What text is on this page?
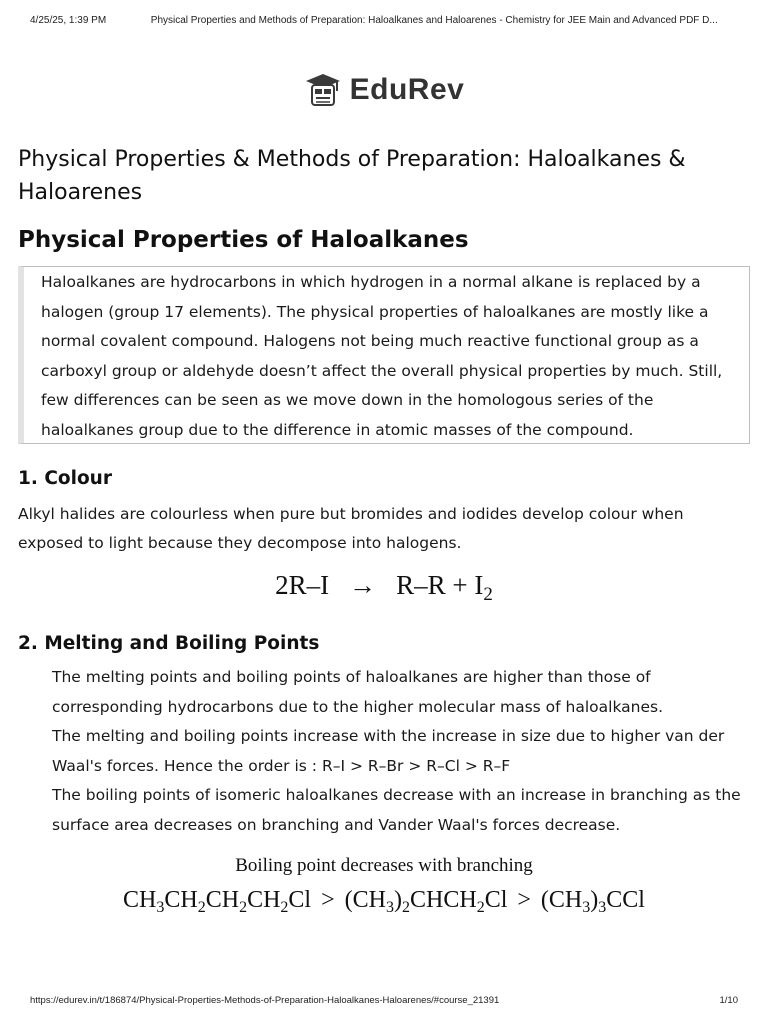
4/25/25, 1:39 PM	Physical Properties and Methods of Preparation: Haloalkanes and Haloarenes - Chemistry for JEE Main and Advanced PDF D...
EduRev
Physical Properties & Methods of Preparation: Haloalkanes & Haloarenes
Physical Properties of Haloalkanes

Haloalkanes are hydrocarbons in which hydrogen in a normal alkane is replaced by a halogen (group 17 elements). The physical properties of haloalkanes are mostly like a normal covalent compound. Halogens not being much reactive functional group as a carboxyl group or aldehyde doesn’t affect the overall physical properties by much. Still, few differences can be seen as we move down in the homologous series of the haloalkanes group due to the difference in atomic masses of the compound.

1. Colour

Alkyl halides are colourless when pure but bromides and iodides develop colour when exposed to light because they decompose into halogens.

$2R-I \to R-R + I_2$
2. Melting and Boiling Points
The melting points and boiling points of haloalkanes are higher than those of corresponding hydrocarbons due to the higher molecular mass of haloalkanes.
The melting and boiling points increase with the increase in size due to higher van der Waal's forces. Hence the order is : R–I > R–Br > R–Cl > R–F
The boiling points of isomeric haloalkanes decrease with an increase in branching as the surface area decreases on branching and Vander Waal's forces decrease.
Boiling point decreases with branching
$CH_3CH_2CH_2CH_2Cl$ > $(CH_3)_2CHCH_2Cl > (CH_3)_3CCl$
https://edurev.in/t/186874/Physical-Properties-Methods-of-Preparation-Haloalkanes-Haloarenes/#course_21391	1/10
